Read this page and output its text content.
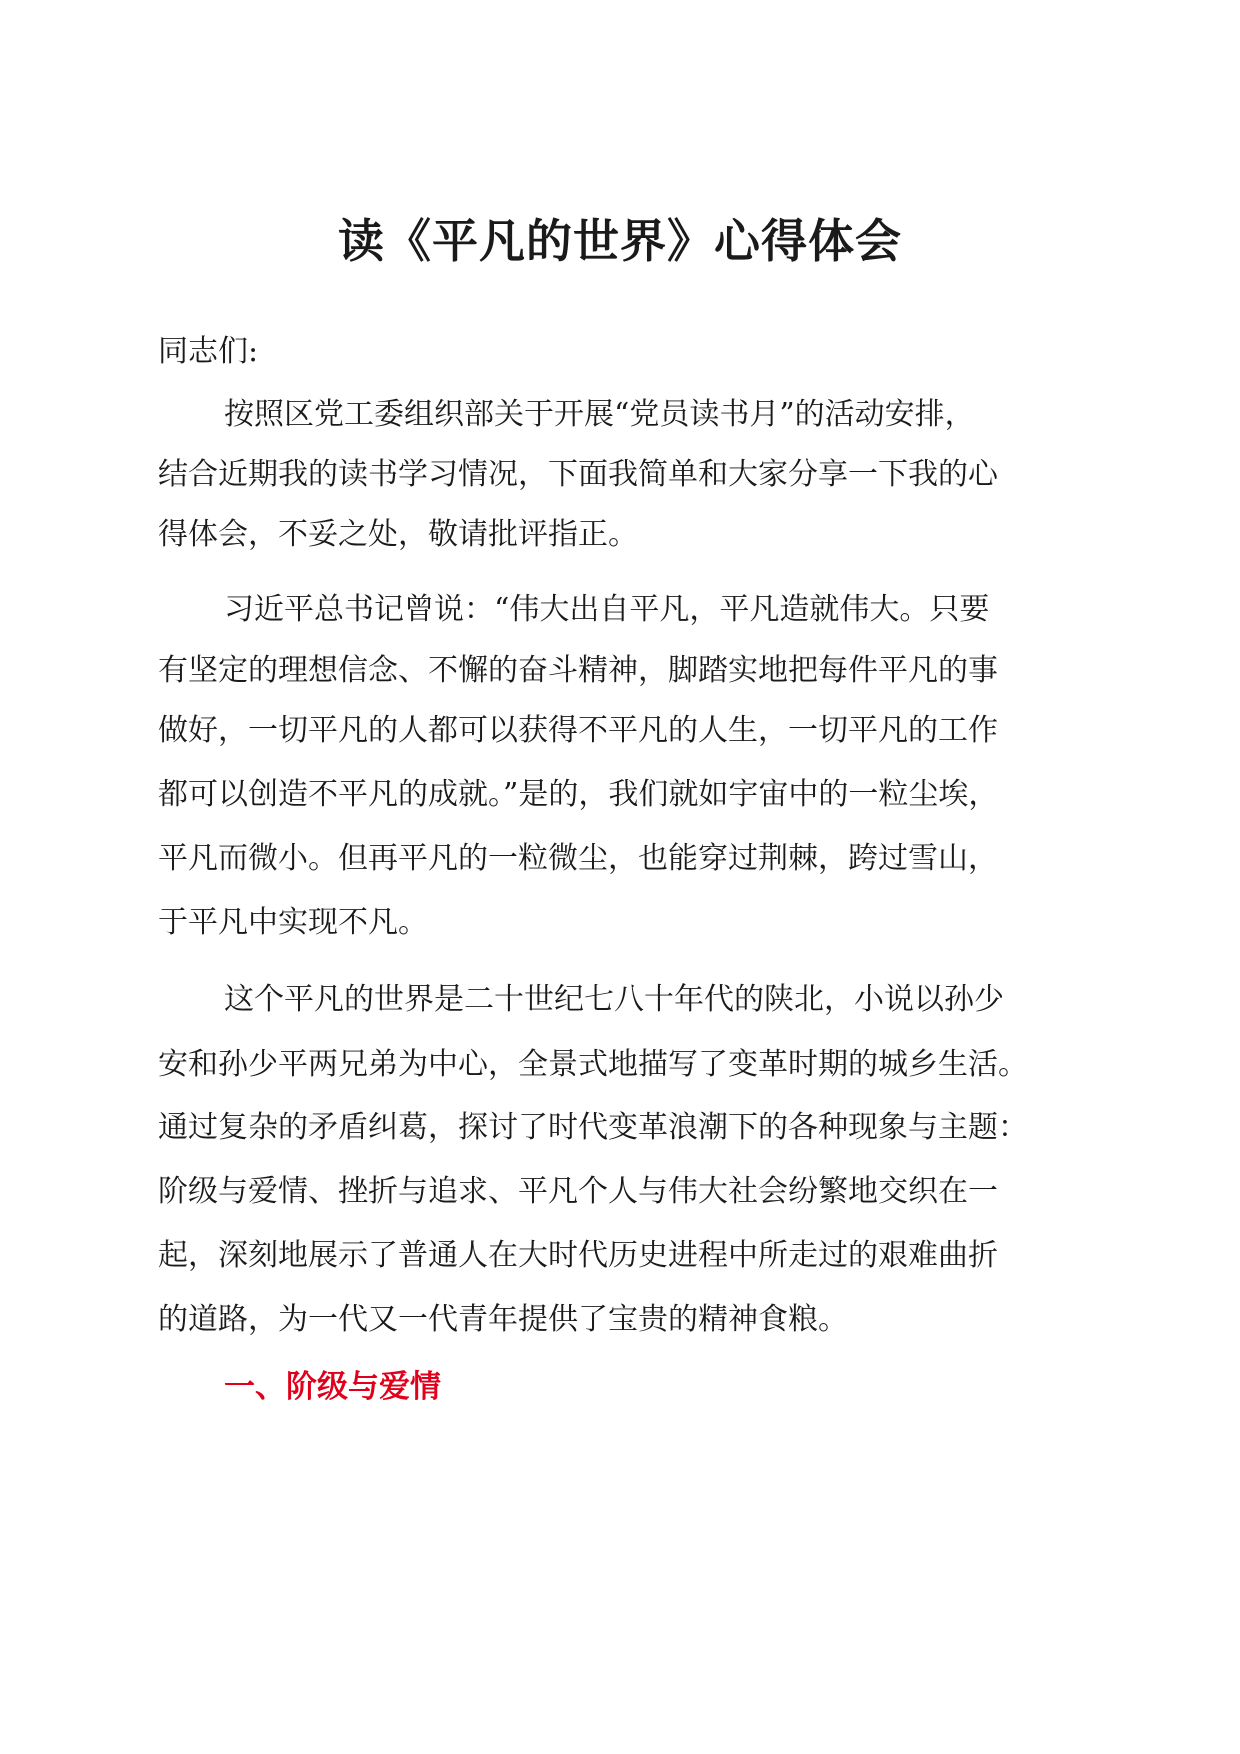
读《平凡的世界》心得体会

同志们:

按照区党工委组织部关于开展“党员读书月”的活动安排，

结合近期我的读书学习情况，下面我简单和大家分享一下我的心

得体会，不妥之处，敬请批评指正。

习近平总书记曾说：“伟大出自平凡，平凡造就伟大。只要

有坚定的理想信念、不懈的奋斗精神，脚踏实地把每件平凡的事

做好，一切平凡的人都可以获得不平凡的人生，一切平凡的工作

都可以创造不平凡的成就。”是的，我们就如宇宙中的一粒尘埃，

平凡而微小。但再平凡的一粒微尘，也能穿过荆棘，跨过雪山，

于平凡中实现不凡。

这个平凡的世界是二十世纪七八十年代的陕北，小说以孙少

安和孙少平两兄弟为中心，全景式地描写了变革时期的城乡生活。

通过复杂的矛盾纠葛，探讨了时代变革浪潮下的各种现象与主题：

阶级与爱情、挫折与追求、平凡个人与伟大社会纷繁地交织在一

起，深刻地展示了普通人在大时代历史进程中所走过的艰难曲折

的道路，为一代又一代青年提供了宝贵的精神食粮。

一、阶级与爱情
